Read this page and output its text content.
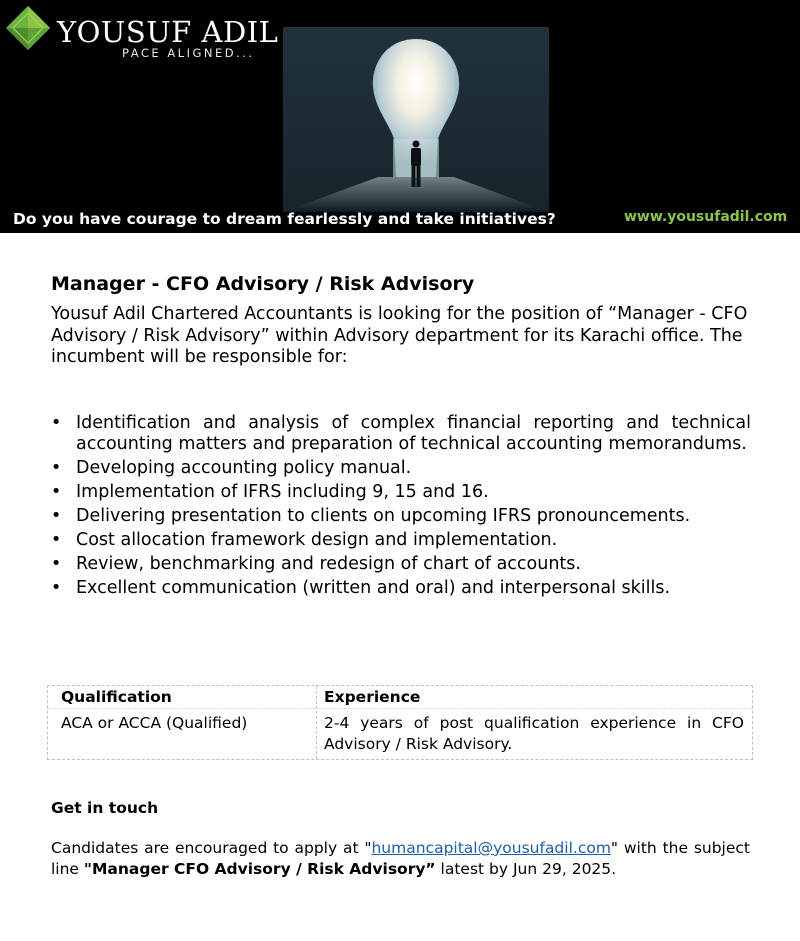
YOUSUF ADIL
PACE ALIGNED...
Do you have courage to dream fearlessly and take initiatives?	www.yousufadil.com
Manager - CFO Advisory / Risk Advisory

Yousuf Adil Chartered Accountants is looking for the position of “Manager - CFO Advisory / Risk Advisory” within Advisory department for its Karachi office. The incumbent will be responsible for:

• Identification and analysis of complex financial reporting and technical accounting matters and preparation of technical accounting memorandums.
• Developing accounting policy manual.
• Implementation of IFRS including 9, 15 and 16.
• Delivering presentation to clients on upcoming IFRS pronouncements.
• Cost allocation framework design and implementation.
• Review, benchmarking and redesign of chart of accounts.
• Excellent communication (written and oral) and interpersonal skills.
Qualification	Experience
ACA or ACCA (Qualified)	2-4 years of post qualification experience in CFO Advisory / Risk Advisory.
Get in touch

Candidates are encouraged to apply at "humancapital@yousufadil.com" with the subject line "Manager CFO Advisory / Risk Advisory” latest by Jun 29, 2025.
